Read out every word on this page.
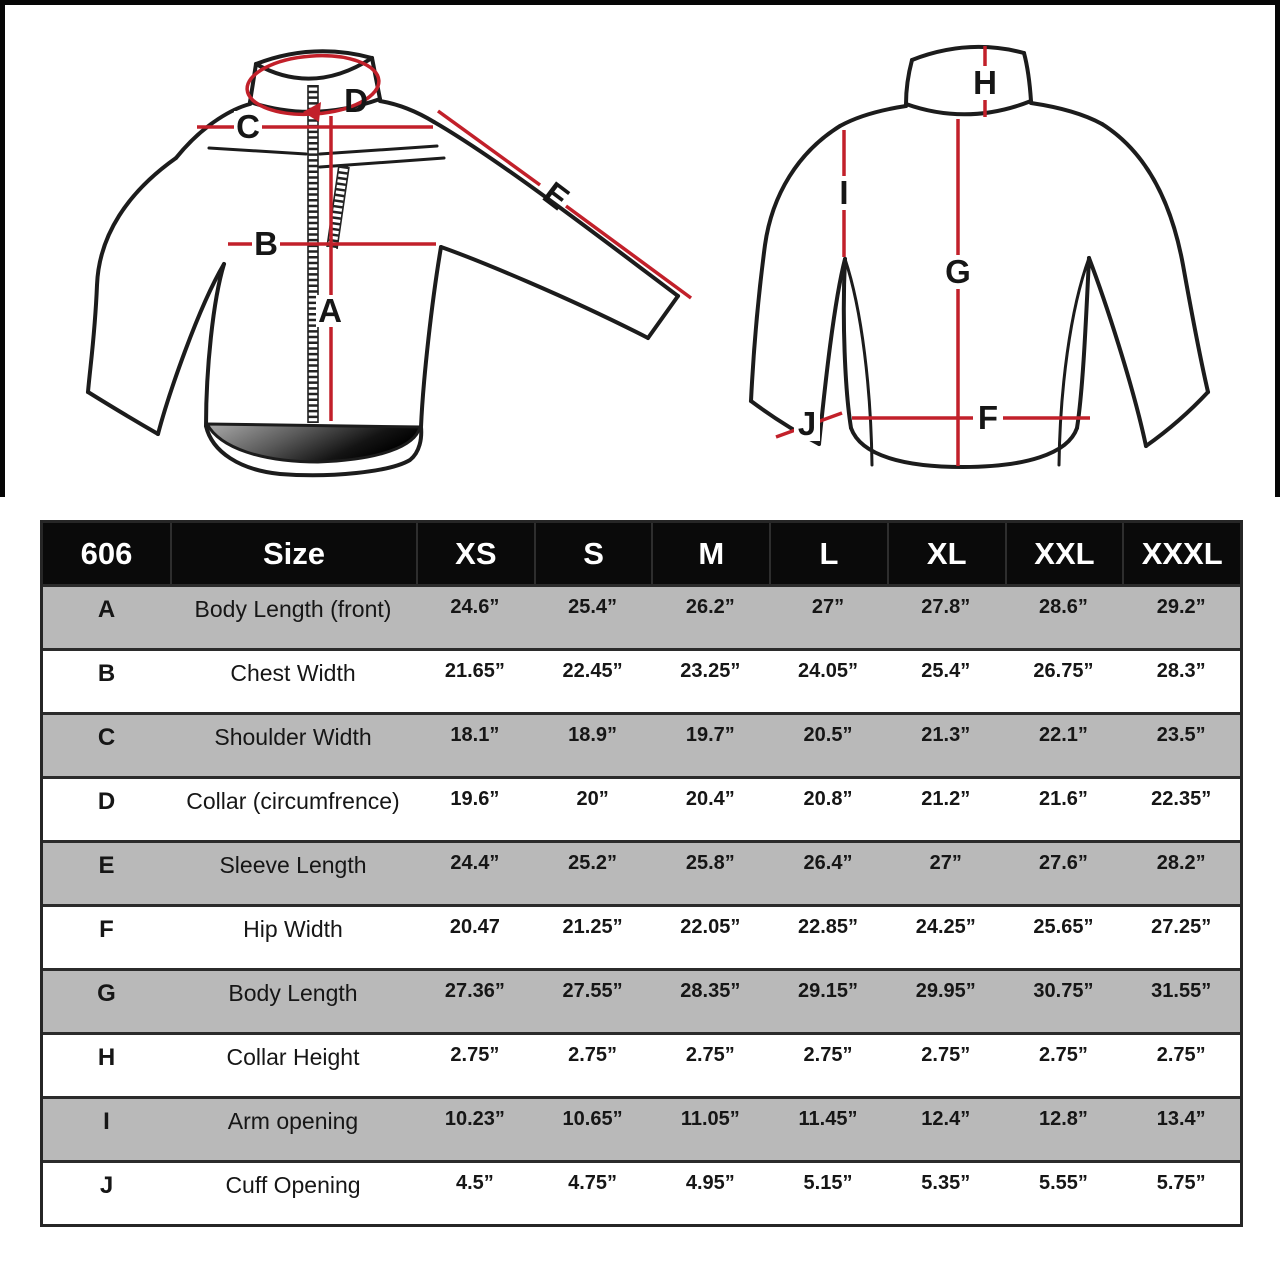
C
B
A
D
E
H
G
I
F
J
606	Size	XS	S	M	L	XL	XXL	XXXL
A	Body Length (front)	24.6”	25.4”	26.2”	27”	27.8”	28.6”	29.2”
B	Chest Width	21.65”	22.45”	23.25”	24.05”	25.4”	26.75”	28.3”
C	Shoulder Width	18.1”	18.9”	19.7”	20.5”	21.3”	22.1”	23.5”
D	Collar (circumfrence)	19.6”	20”	20.4”	20.8”	21.2”	21.6”	22.35”
E	Sleeve Length	24.4”	25.2”	25.8”	26.4”	27”	27.6”	28.2”
F	Hip Width	20.47	21.25”	22.05”	22.85”	24.25”	25.65”	27.25”
G	Body Length	27.36”	27.55”	28.35”	29.15”	29.95”	30.75”	31.55”
H	Collar Height	2.75”	2.75”	2.75”	2.75”	2.75”	2.75”	2.75”
I	Arm opening	10.23”	10.65”	11.05”	11.45”	12.4”	12.8”	13.4”
J	Cuff Opening	4.5”	4.75”	4.95”	5.15”	5.35”	5.55”	5.75”
